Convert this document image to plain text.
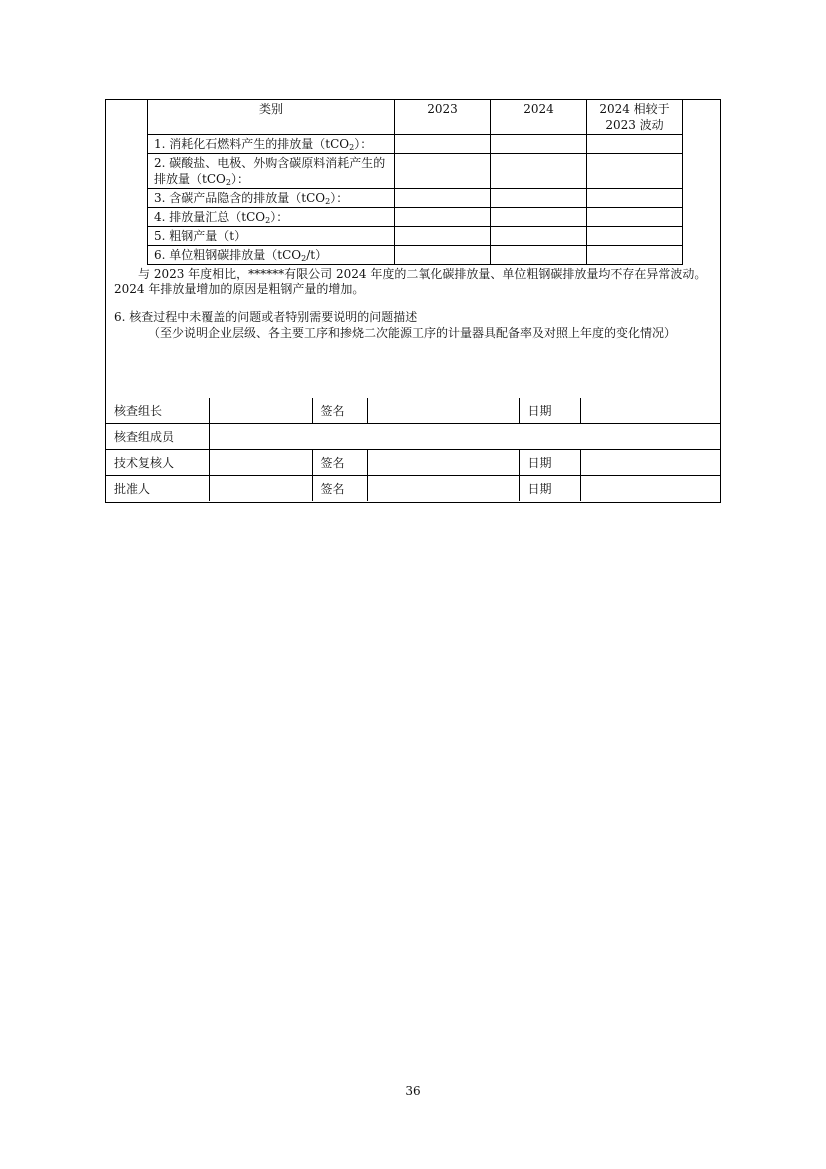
类别	2023	2024	2024 相较于 2023 波动
1. 消耗化石燃料产生的排放量（tCO$_2$）：			
2. 碳酸盐、电极、外购含碳原料消耗产生的排放量（tCO$_2$）：			
3. 含碳产品隐含的排放量（tCO$_2$）：			
4. 排放量汇总（tCO$_2$）：			
5. 粗钢产量（t）			
6. 单位粗钢碳排放量（tCO$_2$/t）			
与 2023 年度相比，******有限公司 2024 年度的二氧化碳排放量、单位粗钢碳排放量均不存在异常波动。2024 年排放量增加的原因是粗钢产量的增加。
6. 核查过程中未覆盖的问题或者特别需要说明的问题描述
（至少说明企业层级、各主要工序和掺烧二次能源工序的计量器具配备率及对照上年度的变化情况）
核查组长		签名		日期	
核查组成员					
技术复核人		签名		日期	
批准人		签名		日期	
36
